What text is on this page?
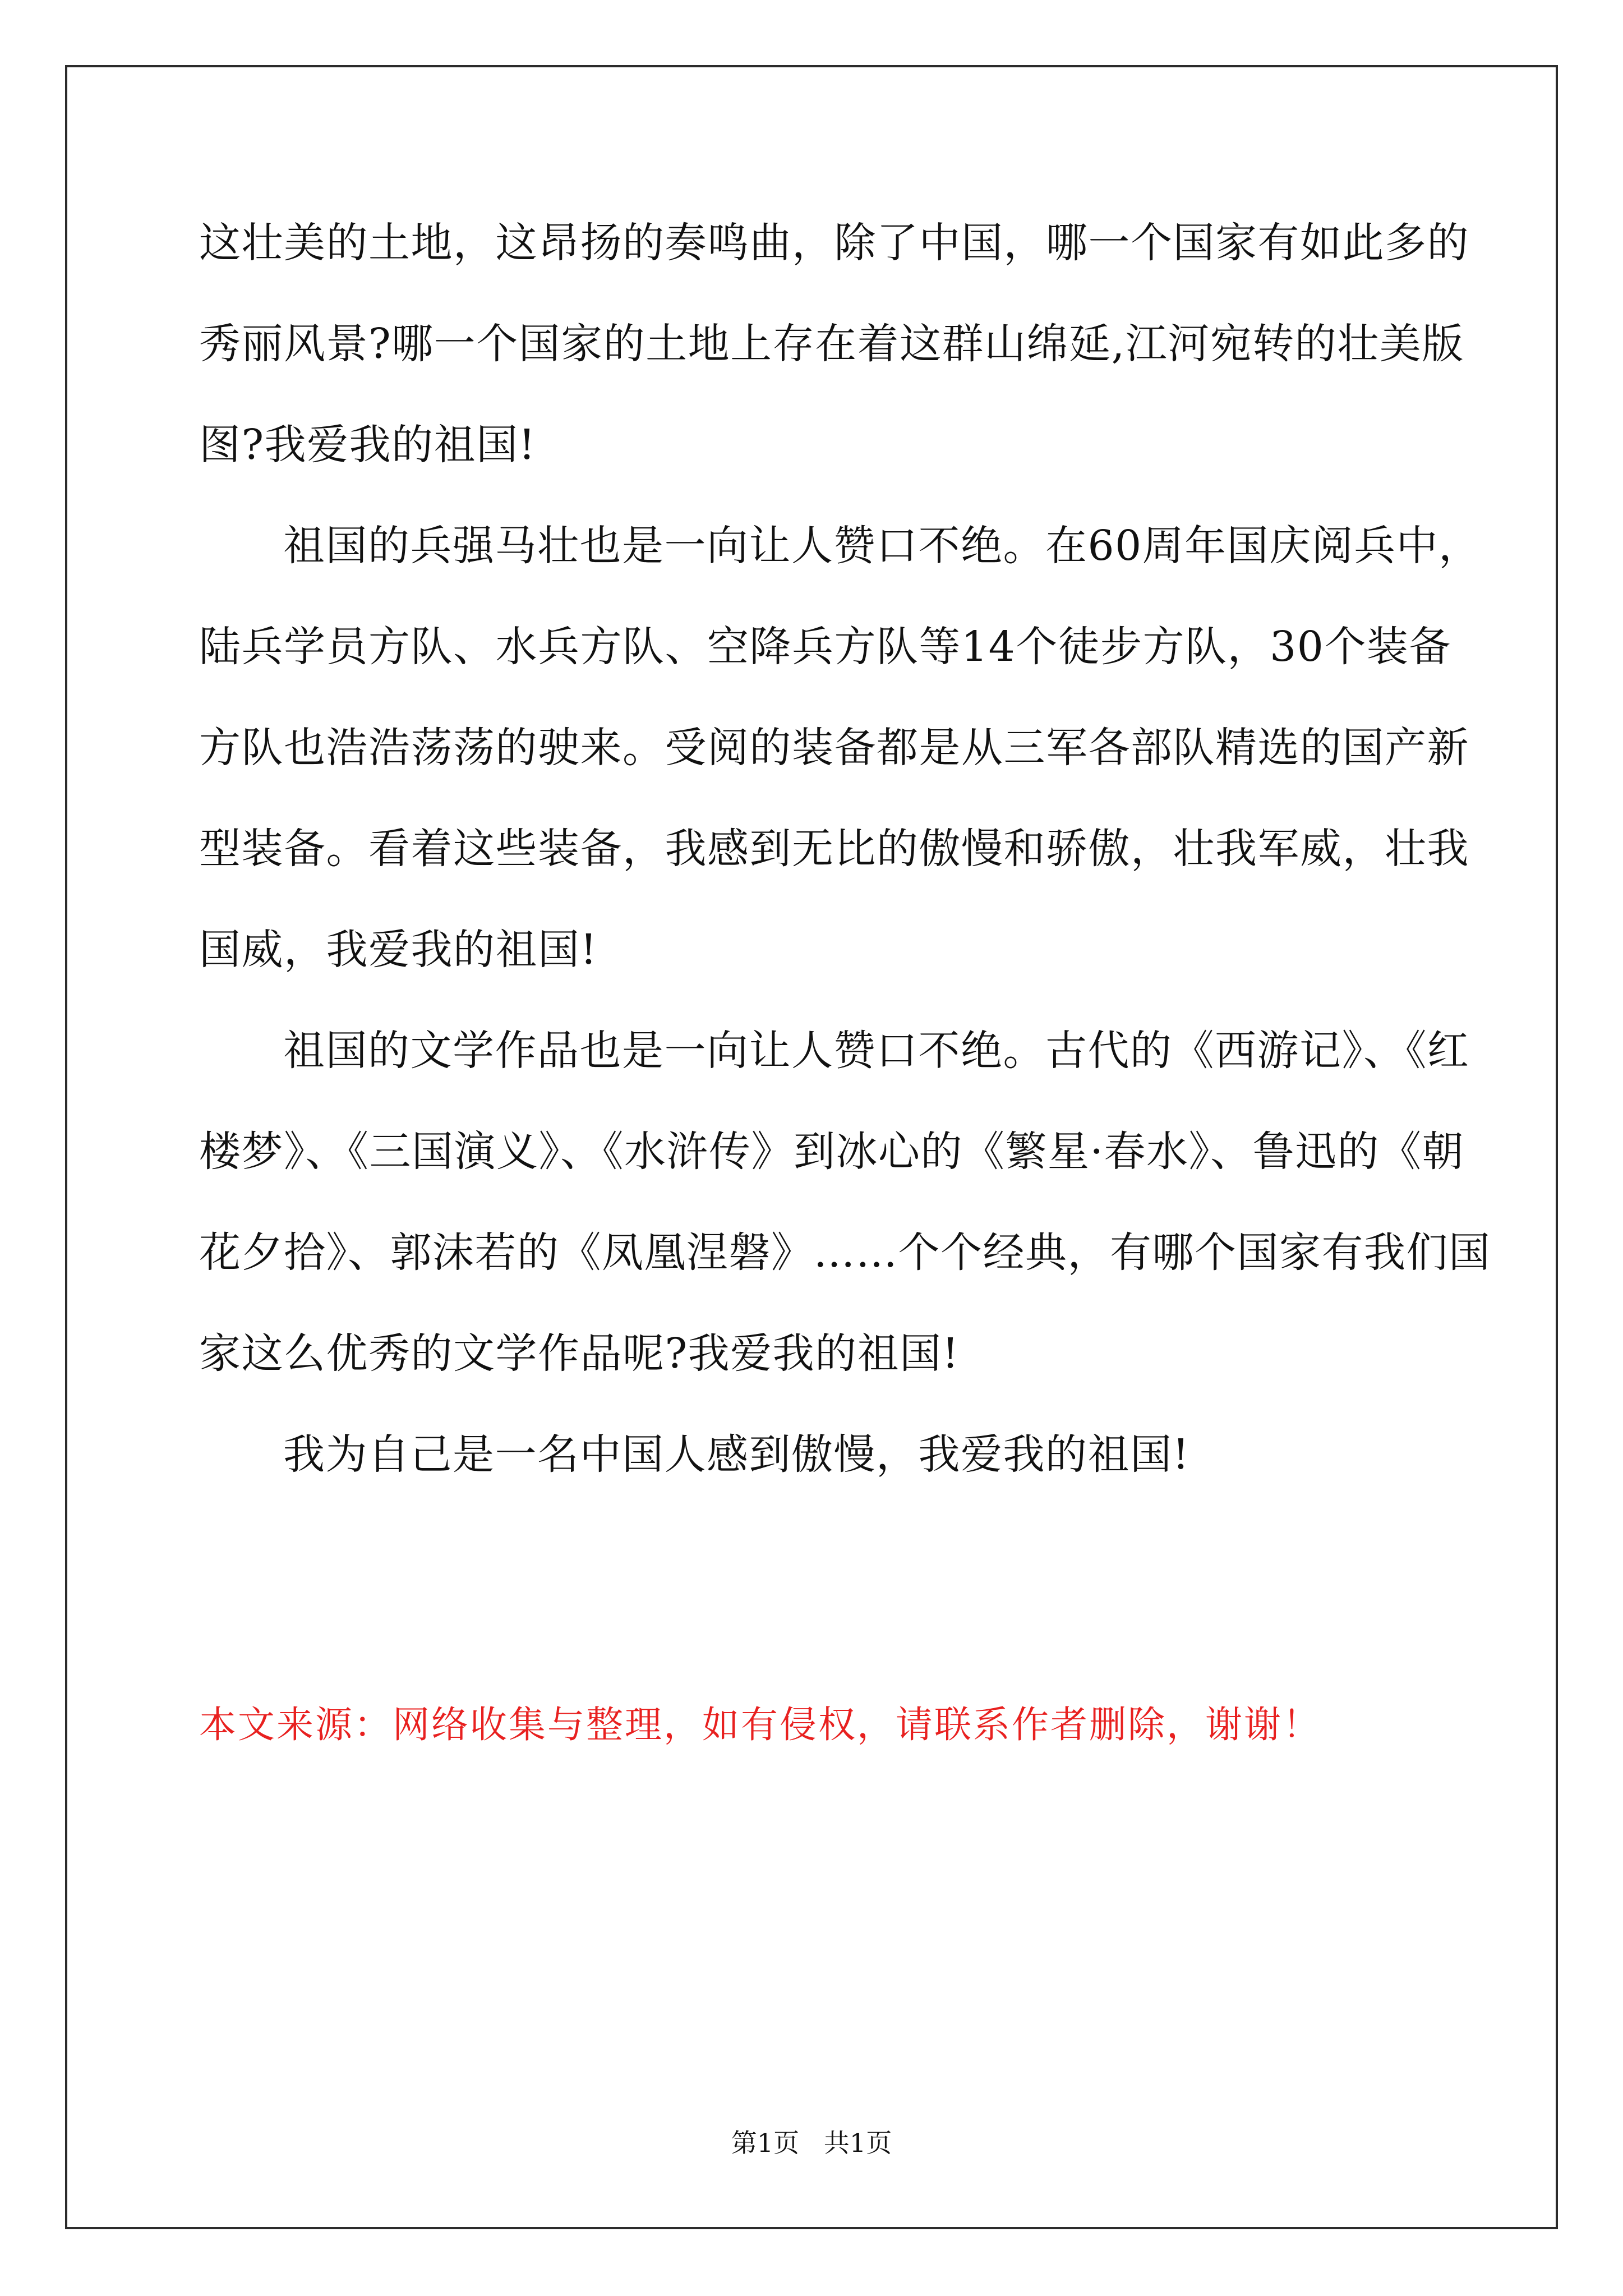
这壮美的土地，这昂扬的奏鸣曲，除了中国，哪一个国家有如此多的
秀丽风景?哪一个国家的土地上存在着这群山绵延,江河宛转的壮美版
图?我爱我的祖国!
祖国的兵强马壮也是一向让人赞口不绝。在60周年国庆阅兵中，
陆兵学员方队、水兵方队、空降兵方队等14个徒步方队，30个装备
方队也浩浩荡荡的驶来。受阅的装备都是从三军各部队精选的国产新
型装备。看着这些装备，我感到无比的傲慢和骄傲，壮我军威，壮我
国威，我爱我的祖国!
祖国的文学作品也是一向让人赞口不绝。古代的《西游记》、《红
楼梦》、《三国演义》、《水浒传》到冰心的《繁星·春水》、鲁迅的《朝
花夕拾》、郭沫若的《凤凰涅磐》……个个经典，有哪个国家有我们国
家这么优秀的文学作品呢?我爱我的祖国!
我为自己是一名中国人感到傲慢，我爱我的祖国!
本文来源：网络收集与整理，如有侵权，请联系作者删除，谢谢！
第1页   共1页
